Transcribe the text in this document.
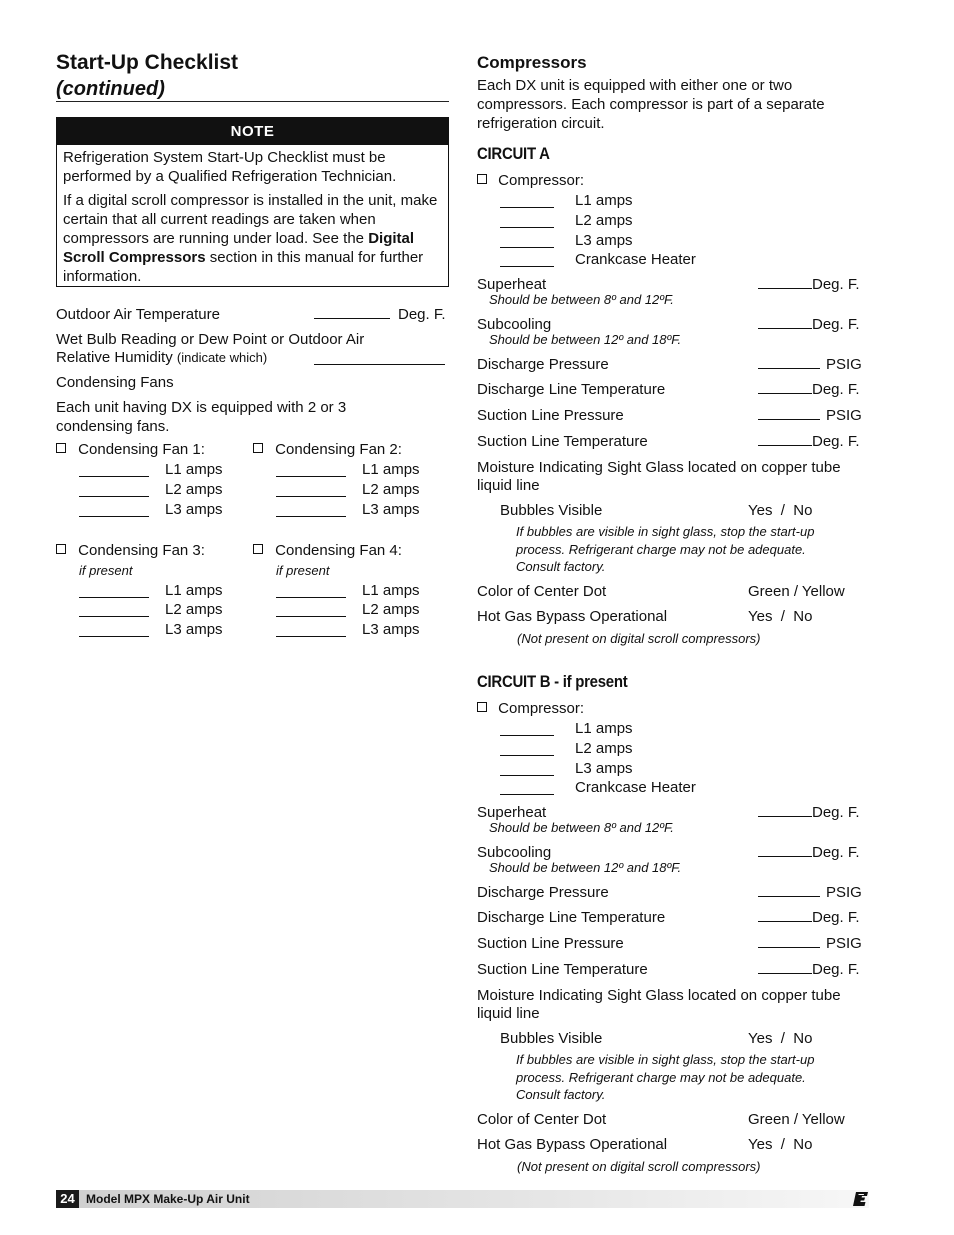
Start-Up Checklist
(continued)
NOTE
Refrigeration System Start-Up Checklist must be performed by a Qualified Refrigeration Technician.
If a digital scroll compressor is installed in the unit, make certain that all current readings are taken when compressors are running under load. See the Digital Scroll Compressors section in this manual for further information.
Outdoor Air Temperature	Deg. F.
Wet Bulb Reading or Dew Point or Outdoor Air
Relative Humidity (indicate which)
Condensing Fans
Each unit having DX is equipped with 2 or 3 condensing fans.
Condensing Fan 1:
L1 amps
L2 amps
L3 amps
Condensing Fan 2:
L1 amps
L2 amps
L3 amps
Condensing Fan 3:
if present
L1 amps
L2 amps
L3 amps
Condensing Fan 4:
if present
L1 amps
L2 amps
L3 amps
Compressors
Each DX unit is equipped with either one or two compressors. Each compressor is part of a separate refrigeration circuit.
CIRCUIT A
Compressor:
L1 amps
L2 amps
L3 amps
Crankcase Heater
Superheat	Deg. F.
Should be between 8º and 12ºF.
Subcooling	Deg. F.
Should be between 12º and 18ºF.
Discharge Pressure	PSIG
Discharge Line Temperature	Deg. F.
Suction Line Pressure	PSIG
Suction Line Temperature	Deg. F.
Moisture Indicating Sight Glass located on copper tube liquid line
Bubbles Visible	Yes  /  No
If bubbles are visible in sight glass, stop the start-up process. Refrigerant charge may not be adequate. Consult factory.
Color of Center Dot	Green / Yellow
Hot Gas Bypass Operational	Yes  /  No
(Not present on digital scroll compressors)
CIRCUIT B - if present
Compressor:
L1 amps
L2 amps
L3 amps
Crankcase Heater
Superheat	Deg. F.
Should be between 8º and 12ºF.
Subcooling	Deg. F.
Should be between 12º and 18ºF.
Discharge Pressure	PSIG
Discharge Line Temperature	Deg. F.
Suction Line Pressure	PSIG
Suction Line Temperature	Deg. F.
Moisture Indicating Sight Glass located on copper tube liquid line
Bubbles Visible	Yes  /  No
If bubbles are visible in sight glass, stop the start-up process. Refrigerant charge may not be adequate. Consult factory.
Color of Center Dot	Green / Yellow
Hot Gas Bypass Operational	Yes  /  No
(Not present on digital scroll compressors)
24 Model MPX Make-Up Air Unit
